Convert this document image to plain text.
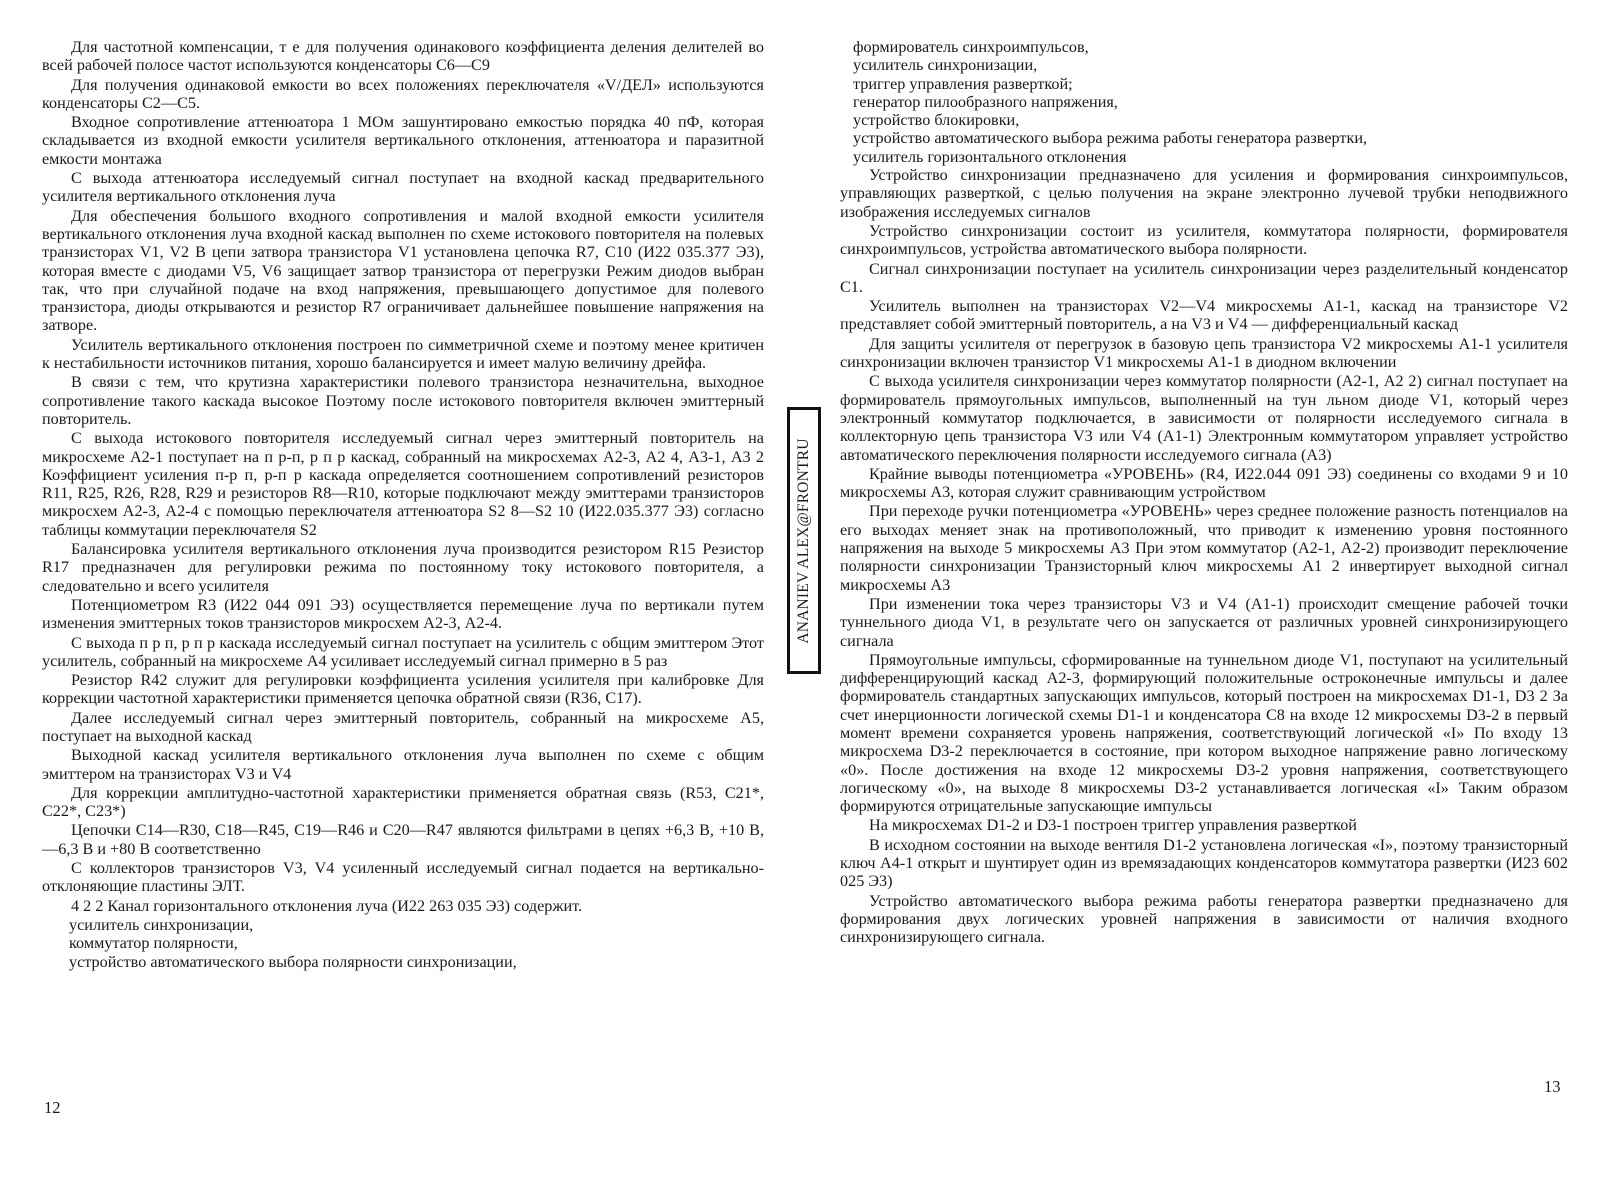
Для частотной компенсации, т е для получения одинакового коэффициента деления делителей во всей рабочей полосе частот используются конденсаторы С6—С9

Для получения одинаковой емкости во всех положениях переключателя «V/ДЕЛ» используются конденсаторы С2—С5.

Входное сопротивление аттенюатора 1 МОм зашунтировано емкостью порядка 40 пФ, которая складывается из входной емкости усилителя вертикального отклонения, аттенюатора и паразитной емкости монтажа

С выхода аттенюатора исследуемый сигнал поступает на входной каскад предварительного усилителя вертикального отклонения луча

Для обеспечения большого входного сопротивления и малой входной емкости усилителя вертикального отклонения луча входной каскад выполнен по схеме истокового повторителя на полевых транзисторах V1, V2 В цепи затвора транзистора V1 установлена цепочка R7, С10 (И22 035.377 Э3), которая вместе с диодами V5, V6 защищает затвор транзистора от перегрузки Режим диодов выбран так, что при случайной подаче на вход напряжения, превышающего допустимое для полевого транзистора, диоды открываются и резистор R7 ограничивает дальнейшее повышение напряжения на затворе.

Усилитель вертикального отклонения построен по симметричной схеме и поэтому менее критичен к нестабильности источников питания, хорошо балансируется и имеет малую величину дрейфа.

В связи с тем, что крутизна характеристики полевого транзистора незначительна, выходное сопротивление такого каскада высокое Поэтому после истокового повторителя включен эмиттерный повторитель.

С выхода истокового повторителя исследуемый сигнал через эмиттерный повторитель на микросхеме А2-1 поступает на п р-п, р п р каскад, собранный на микросхемах А2-3, А2 4, А3-1, А3 2 Коэффициент усиления п-р п, р-п р каскада определяется соотношением сопротивлений резисторов R11, R25, R26, R28, R29 и резисторов R8—R10, которые подключают между эмиттерами транзисторов микросхем А2-3, А2-4 с помощью переключателя аттенюатора S2 8—S2 10 (И22.035.377 Э3) согласно таблицы коммутации переключателя S2

Балансировка усилителя вертикального отклонения луча производится резистором R15 Резистор R17 предназначен для регулировки режима по постоянному току истокового повторителя, а следовательно и всего усилителя

Потенциометром R3 (И22 044 091 Э3) осуществляется перемещение луча по вертикали путем изменения эмиттерных токов транзисторов микросхем А2-3, А2-4.

С выхода п р п, р п р каскада исследуемый сигнал поступает на усилитель с общим эмиттером Этот усилитель, собранный на микросхеме А4 усиливает исследуемый сигнал примерно в 5 раз

Резистор R42 служит для регулировки коэффициента усиления усилителя при калибровке Для коррекции частотной характеристики применяется цепочка обратной связи (R36, С17).

Далее исследуемый сигнал через эмиттерный повторитель, собранный на микросхеме А5, поступает на выходной каскад

Выходной каскад усилителя вертикального отклонения луча выполнен по схеме с общим эмиттером на транзисторах V3 и V4

Для коррекции амплитудно-частотной характеристики применяется обратная связь (R53, С21*, С22*, С23*)

Цепочки С14—R30, С18—R45, С19—R46 и С20—R47 являются фильтрами в цепях +6,3 В, +10 В, —6,3 В и +80 В соответственно

С коллекторов транзисторов V3, V4 усиленный исследуемый сигнал подается на вертикально-отклоняющие пластины ЭЛТ.

4 2 2 Канал горизонтального отклонения луча (И22 263 035 Э3) содержит.

усилитель синхронизации,

коммутатор полярности,

устройство автоматического выбора полярности синхронизации,

12
ANANIEV ALEX@FRONTRU

формирователь синхроимпульсов,

усилитель синхронизации,

триггер управления разверткой;

генератор пилообразного напряжения,

устройство блокировки,

устройство автоматического выбора режима работы генератора развертки,

усилитель горизонтального отклонения

Устройство синхронизации предназначено для усиления и формирования синхроимпульсов, управляющих разверткой, с целью получения на экране электронно лучевой трубки неподвижного изображения исследуемых сигналов

Устройство синхронизации состоит из усилителя, коммутатора полярности, формирователя синхроимпульсов, устройства автоматического выбора полярности.

Сигнал синхронизации поступает на усилитель синхронизации через разделительный конденсатор С1.

Усилитель выполнен на транзисторах V2—V4 микросхемы А1-1, каскад на транзисторе V2 представляет собой эмиттерный повторитель, а на V3 и V4 — дифференциальный каскад

Для защиты усилителя от перегрузок в базовую цепь транзистора V2 микросхемы А1-1 усилителя синхронизации включен транзистор V1 микросхемы А1-1 в диодном включении

С выхода усилителя синхронизации через коммутатор полярности (А2-1, А2 2) сигнал поступает на формирователь прямоугольных импульсов, выполненный на тун льном диоде V1, который через электронный коммутатор подключается, в зависимости от полярности исследуемого сигнала в коллекторную цепь транзистора V3 или V4 (А1-1) Электронным коммутатором управляет устройство автоматического переключения полярности исследуемого сигнала (А3)

Крайние выводы потенциометра «УРОВЕНЬ» (R4, И22.044 091 Э3) соединены со входами 9 и 10 микросхемы А3, которая служит сравнивающим устройством

При переходе ручки потенциометра «УРОВЕНЬ» через среднее положение разность потенциалов на его выходах меняет знак на противоположный, что приводит к изменению уровня постоянного напряжения на выходе 5 микросхемы А3 При этом коммутатор (А2-1, А2-2) производит переключение полярности синхронизации Транзисторный ключ микросхемы А1 2 инвертирует выходной сигнал микросхемы А3

При изменении тока через транзисторы V3 и V4 (А1-1) происходит смещение рабочей точки туннельного диода V1, в результате чего он запускается от различных уровней синхронизирующего сигнала

Прямоугольные импульсы, сформированные на туннельном диоде V1, поступают на усилительный дифференцирующий каскад А2-3, формирующий положительные остроконечные импульсы и далее формирователь стандартных запускающих импульсов, который построен на микросхемах D1-1, D3 2 За счет инерционности логической схемы D1-1 и конденсатора С8 на входе 12 микросхемы D3-2 в первый момент времени сохраняется уровень напряжения, соответствующий логической «I» По входу 13 микросхема D3-2 переключается в состояние, при котором выходное напряжение равно логическому «0». После достижения на входе 12 микросхемы D3-2 уровня напряжения, соответствующего логическому «0», на выходе 8 микросхемы D3-2 устанавливается логическая «I» Таким образом формируются отрицательные запускающие импульсы

На микросхемах D1-2 и D3-1 построен триггер управления разверткой

В исходном состоянии на выходе вентиля D1-2 установлена логическая «I», поэтому транзисторный ключ А4-1 открыт и шунтирует один из времязадающих конденсаторов коммутатора развертки (И23 602 025 Э3)

Устройство автоматического выбора режима работы генератора развертки предназначено для формирования двух логических уровней напряжения в зависимости от наличия входного синхронизирующего сигнала.

13
